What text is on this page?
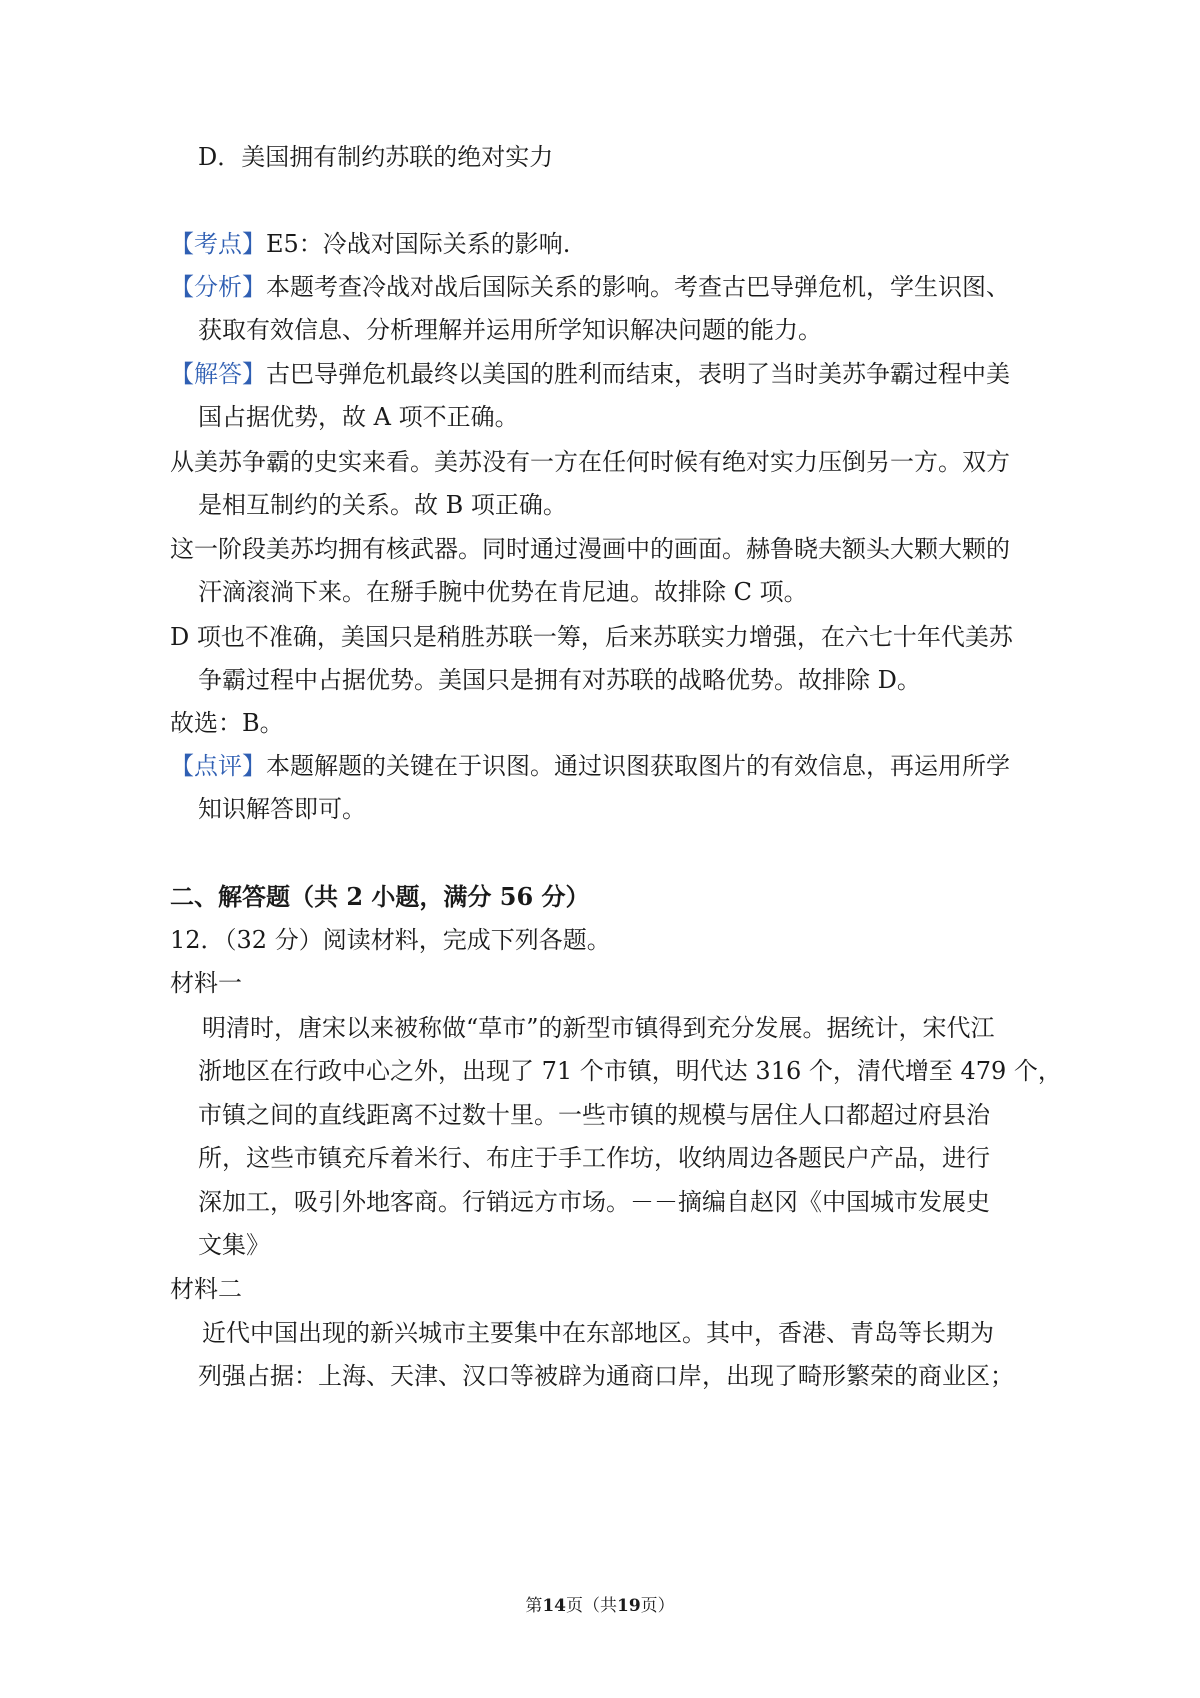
D．美国拥有制约苏联的绝对实力
【考点】E5：冷战对国际关系的影响.
【分析】本题考查冷战对战后国际关系的影响。考查古巴导弹危机，学生识图、
获取有效信息、分析理解并运用所学知识解决问题的能力。
【解答】古巴导弹危机最终以美国的胜利而结束，表明了当时美苏争霸过程中美
国占据优势，故 A 项不正确。
从美苏争霸的史实来看。美苏没有一方在任何时候有绝对实力压倒另一方。双方
是相互制约的关系。故 B 项正确。
这一阶段美苏均拥有核武器。同时通过漫画中的画面。赫鲁晓夫额头大颗大颗的
汗滴滚淌下来。在掰手腕中优势在肯尼迪。故排除 C 项。
D 项也不准确，美国只是稍胜苏联一筹，后来苏联实力增强，在六七十年代美苏
争霸过程中占据优势。美国只是拥有对苏联的战略优势。故排除 D。
故选：B。
【点评】本题解题的关键在于识图。通过识图获取图片的有效信息，再运用所学
知识解答即可。
二、解答题（共 2 小题，满分 56 分）
12．（32 分）阅读材料，完成下列各题。
材料一
明清时，唐宋以来被称做“草市”的新型市镇得到充分发展。据统计，宋代江
浙地区在行政中心之外，出现了 71 个市镇，明代达 316 个，清代增至 479 个，
市镇之间的直线距离不过数十里。一些市镇的规模与居住人口都超过府县治
所，这些市镇充斥着米行、布庄于手工作坊，收纳周边各题民户产品，进行
深加工，吸引外地客商。行销远方市场。－－摘编自赵冈《中国城市发展史
文集》
材料二
近代中国出现的新兴城市主要集中在东部地区。其中，香港、青岛等长期为
列强占据：上海、天津、汉口等被辟为通商口岸，出现了畸形繁荣的商业区；
第14页（共19页）
